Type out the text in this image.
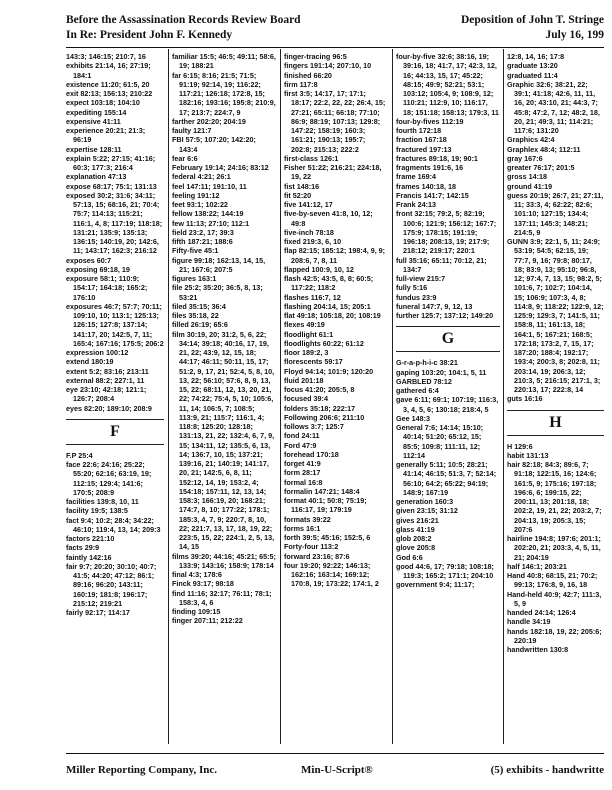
Before the Assassination Records Review Board
In Re: President John F. Kennedy
Deposition of John T. Stringe
July 16, 199
143:3; 146:15; 210:7, 16
exhibits 21:14, 16; 27:19; 184:1
existence 11:20; 61:5, 20
exit 82:13; 156:13; 210:22
expect 103:18; 104:10
expediting 155:14
expensive 41:11
experience 20:21; 21:3; 96:19
expertise 128:11
explain 5:22; 27:15; 41:16; 60:3; 177:3; 216:4
explanation 47:13
expose 68:17; 75:1; 131:13
exposed 30:2; 31:6; 34:11; 57:13, 15; 68:16, 21; 70:4; 75:7; 114:13; 115:21; 116:1, 4, 8; 117:19; 118:18; 131:21; 135:9; 135:13; 136:15; 140:19, 20; 142:6, 11; 143:17; 162:3; 216:12
exposes 60:7
exposing 69:18, 19
exposure 58:1; 110:9; 154:17; 164:18; 165:2; 176:10
exposures 46:7; 57:7; 70:11; 109:10, 10; 113:1; 125:13; 126:15; 127:8; 137:14; 141:17, 20; 142:5, 7, 11; 165:4; 167:16; 175:5; 206:2
expression 100:12
extend 180:19
extent 5:2; 83:16; 213:11
external 88:2; 227:1, 11
eye 23:10; 42:18; 121:1; 126:7; 208:4
eyes 82:20; 189:10; 208:9
F
F.P 25:4
face 22:6; 24:16; 25:22; 55:20; 62:16; 63:19, 19; 112:15; 129:4; 141:6; 170:5; 208:9
facilities 139:8, 10, 11
facility 19:5; 138:5
fact 9:4; 10:2; 28:4; 34:22; 46:10; 119:4, 13, 14; 209:3
factors 221:10
facts 29:9
faintly 142:16
fair 9:7; 20:20; 30:10; 40:7; 41:5; 44:20; 47:12; 86:1; 89:16; 96:20; 143:11; 160:19; 181:8; 196:17; 215:12; 219:21
fairly 92:17; 114:17
familiar 15:5; 46:5; 49:11; 58:6, 19; 188:21
far 6:15; 8:16; 21:5; 71:5; 91:19; 92:14, 19; 116:22; 117:21; 126:18; 172:8, 15; 182:16; 193:16; 195:8; 210:9, 17; 213:7; 224:7, 9
farther 202:20; 204:19
faulty 121:7
FBI 57:5; 107:20; 142:20; 143:4
fear 6:6
February 19:14; 24:16; 83:12
federal 4:21; 26:1
feel 147:11; 191:10, 11
feeling 191:12
feet 93:1; 102:22
fellow 138:22; 144:19
few 11:13; 27:10; 112:1
field 23:2, 17; 39:3
fifth 187:21; 188:6
Fifty-five 45:1
figure 99:18; 162:13, 14, 15, 21; 167:6; 207:5
figures 163:1
file 25:2; 35:20; 36:5, 8, 13; 53:21
filed 35:15; 36:4
files 35:18, 22
filled 26:19; 65:6
film 30:19, 20; 31:2, 5, 6, 22; 34:14; 39:18; 40:16, 17, 19, 21, 22; 43:9, 12, 15, 18; 44:17; 46:11; 50:11, 15, 17; 51:2, 9, 17, 21; 52:4, 5, 8, 10, 13, 22; 56:10; 57:6, 8, 9, 13, 15, 22; 68:11, 12, 13, 20, 21, 22; 74:22; 75:4, 5, 10; 105:6, 11, 14; 106:5, 7; 108:5; 113:9, 21; 115:7; 116:1, 4; 118:8; 125:20; 128:18; 131:13, 21, 22; 132:4, 6, 7, 9, 15; 134:11, 12; 135:5, 6, 13, 14; 136:7, 10, 15; 137:21; 139:16, 21; 140:19; 141:17, 20, 21; 142:5, 6, 8, 11; 152:12, 14, 19; 153:2, 4; 154:18; 157:11, 12, 13, 14; 158:3; 166:19, 20; 168:21; 174:7, 8, 10; 177:22; 178:1; 185:3, 4, 7, 9; 220:7, 8, 10, 22; 221:7, 13, 17, 18, 19, 22; 223:5, 15, 22; 224:1, 2, 5, 13, 14, 15
films 39:20; 44:16; 45:21; 65:5; 133:9; 143:16; 158:9; 178:14
final 4:3; 178:6
Finck 93:17; 98:18
find 11:16; 32:17; 76:11; 78:1; 158:3, 4, 6
finding 109:15
finger 207:11; 212:22
finger-tracing 96:5
fingers 191:14; 207:10, 10
finished 66:20
firm 117:8
first 3:5; 14:17, 17; 17:1; 18:17; 22:2, 22, 22; 26:4, 15; 27:21; 65:11; 66:18; 77:10; 86:9; 88:19; 107:13; 129:8; 147:22; 158:19; 160:3; 161:21; 190:13; 195:7; 202:8; 215:13; 222:2
first-class 126:1
Fisher 51:22; 216:21; 224:18, 19, 22
fist 148:16
fit 52:20
five 141:12, 17
five-by-seven 41:8, 10, 12; 49:8
five-inch 78:18
fixed 219:3, 6, 10
flap 82:15; 185:12; 198:4, 9, 9; 208:6, 7, 8, 11
flapped 100:9, 10, 12
flash 42:5; 43:5, 8, 8; 60:5; 117:22; 118:2
flashes 116:7, 12
flashing 204:14, 15; 205:1
flat 49:18; 105:18, 20; 108:19
flexes 49:19
floodlight 61:1
floodlights 60:22; 61:12
floor 189:2, 3
florescents 59:17
Floyd 94:14; 101:9; 120:20
fluid 201:18
focus 41:20; 205:5, 8
focused 39:4
folders 35:18; 222:17
Following 206:6; 211:10
follows 3:7; 125:7
fond 24:11
Ford 47:9
forehead 170:18
forget 41:9
form 28:17
formal 16:8
formalin 147:21; 148:4
format 40:1; 50:8; 75:19; 116:17, 19; 179:19
formats 39:22
forms 16:1
forth 39:5; 45:16; 152:5, 6
Forty-four 113:2
forward 23:16; 87:6
four 19:20; 92:22; 146:13; 162:16; 163:14; 169:12; 170:8, 19; 173:22; 174:1, 2
four-by-five 32:6; 38:16, 19; 39:16, 18; 41:7, 17; 42:3, 12, 16; 44:13, 15, 17; 45:22; 48:15; 49:9; 52:21; 53:1; 103:12; 105:4, 9; 108:9, 12; 110:21; 112:9, 10; 116:17, 18; 151:18; 158:13; 179:3, 11
four-by-fives 112:19
fourth 172:18
fraction 167:18
fractured 197:13
fractures 89:18, 19; 90:1
fragments 191:6, 16
frame 169:4
frames 140:18, 18
Francis 141:7; 142:15
Frank 24:13
front 32:15; 79:2, 5; 82:19; 100:6; 121:9; 156:12; 167:7; 175:9; 178:15; 191:19; 196:18; 208:13, 19; 217:9; 218:12; 219:17; 220:1
full 35:16; 65:11; 70:12, 21; 134:7
full-view 215:7
fully 5:16
fundus 23:9
funeral 147:7, 9, 12, 13
further 125:7; 137:12; 149:20
G
G-r-a-p-h-i-c 38:21
gaping 103:20; 104:1, 5, 11
GARBLED 78:12
gathered 6:4
gave 6:11; 69:1; 107:19; 116:3, 3, 4, 5, 6; 130:18; 218:4, 5
Gee 148:3
General 7:6; 14:14; 15:10; 40:14; 51:20; 65:12, 15; 85:5; 109:8; 111:11, 12; 112:14
generally 5:11; 10:5; 28:21; 41:14; 46:15; 51:3, 7; 52:14; 56:10; 64:2; 65:22; 94:19; 148:9; 167:19
generation 160:3
given 23:15; 31:12
gives 216:21
glass 41:19
glob 208:2
glove 205:8
God 6:6
good 44:6, 17; 79:18; 108:18; 119:3; 165:2; 171:1; 204:10
government 9:4; 11:17;
12:8, 14, 16; 17:8
graduate 13:20
graduated 11:4
Graphic 32:6; 38:21, 22; 39:1; 41:18; 42:6, 11, 11, 16, 20; 43:10, 21; 44:3, 7; 45:8; 47:2, 7, 12; 48:2, 18, 20, 21; 49:3, 11; 114:21; 117:6; 131:20
Graphics 42:4
Graphlex 48:4; 112:11
gray 167:6
greater 76:17; 201:5
gross 14:18
ground 41:19
guess 20:19; 26:7, 21; 27:11, 11; 33:3, 4; 62:22; 82:6; 101:10; 127:15; 134:4; 137:11; 145:3; 148:21; 214:5, 9
GUNN 3:9; 22:1, 5, 11; 24:9; 53:19; 54:5; 62:15, 19; 77:7, 9, 16; 79:8; 80:17, 18; 83:9, 13; 95:10; 96:8, 12; 97:4, 7, 13, 15; 98:2, 5; 101:6, 7; 102:7; 104:14, 15; 106:9; 107:3, 4, 8; 114:8, 9; 118:22; 122:9, 12; 125:9; 129:3, 7; 141:5, 11; 158:8, 11; 161:13, 18; 164:1, 5; 167:21; 168:5; 172:18; 173:2, 7, 15, 17; 187:20; 188:4; 192:17; 193:4; 200:3, 8; 202:8, 11; 203:14, 19; 206:3, 12; 210:3, 5; 216:15; 217:1, 3; 220:13, 17; 222:8, 14
guts 16:16
H
H 129:6
habit 131:13
hair 82:18; 84:3; 89:6, 7; 91:18; 122:15, 16; 124:6; 161:5, 9; 175:16; 197:18; 196:6, 6; 199:15, 22; 200:11, 13; 201:18, 18; 202:2, 19, 21, 22; 203:2, 7; 204:13, 19; 205:3, 15; 207:6
hairline 194:8; 197:6; 201:1; 202:20, 21; 203:3, 4, 5, 11, 21; 204:19
half 146:1; 203:21
Hand 40:8; 68:15, 21; 70:2; 99:13; 176:8, 9, 16, 18
Hand-held 40:9; 42:7; 111:3, 5, 9
handed 24:14; 126:4
handle 34:19
hands 182:18, 19, 22; 205:6; 220:19
handwritten 130:8
Miller Reporting Company, Inc.	Min-U-Script®	(5) exhibits - handwritte
